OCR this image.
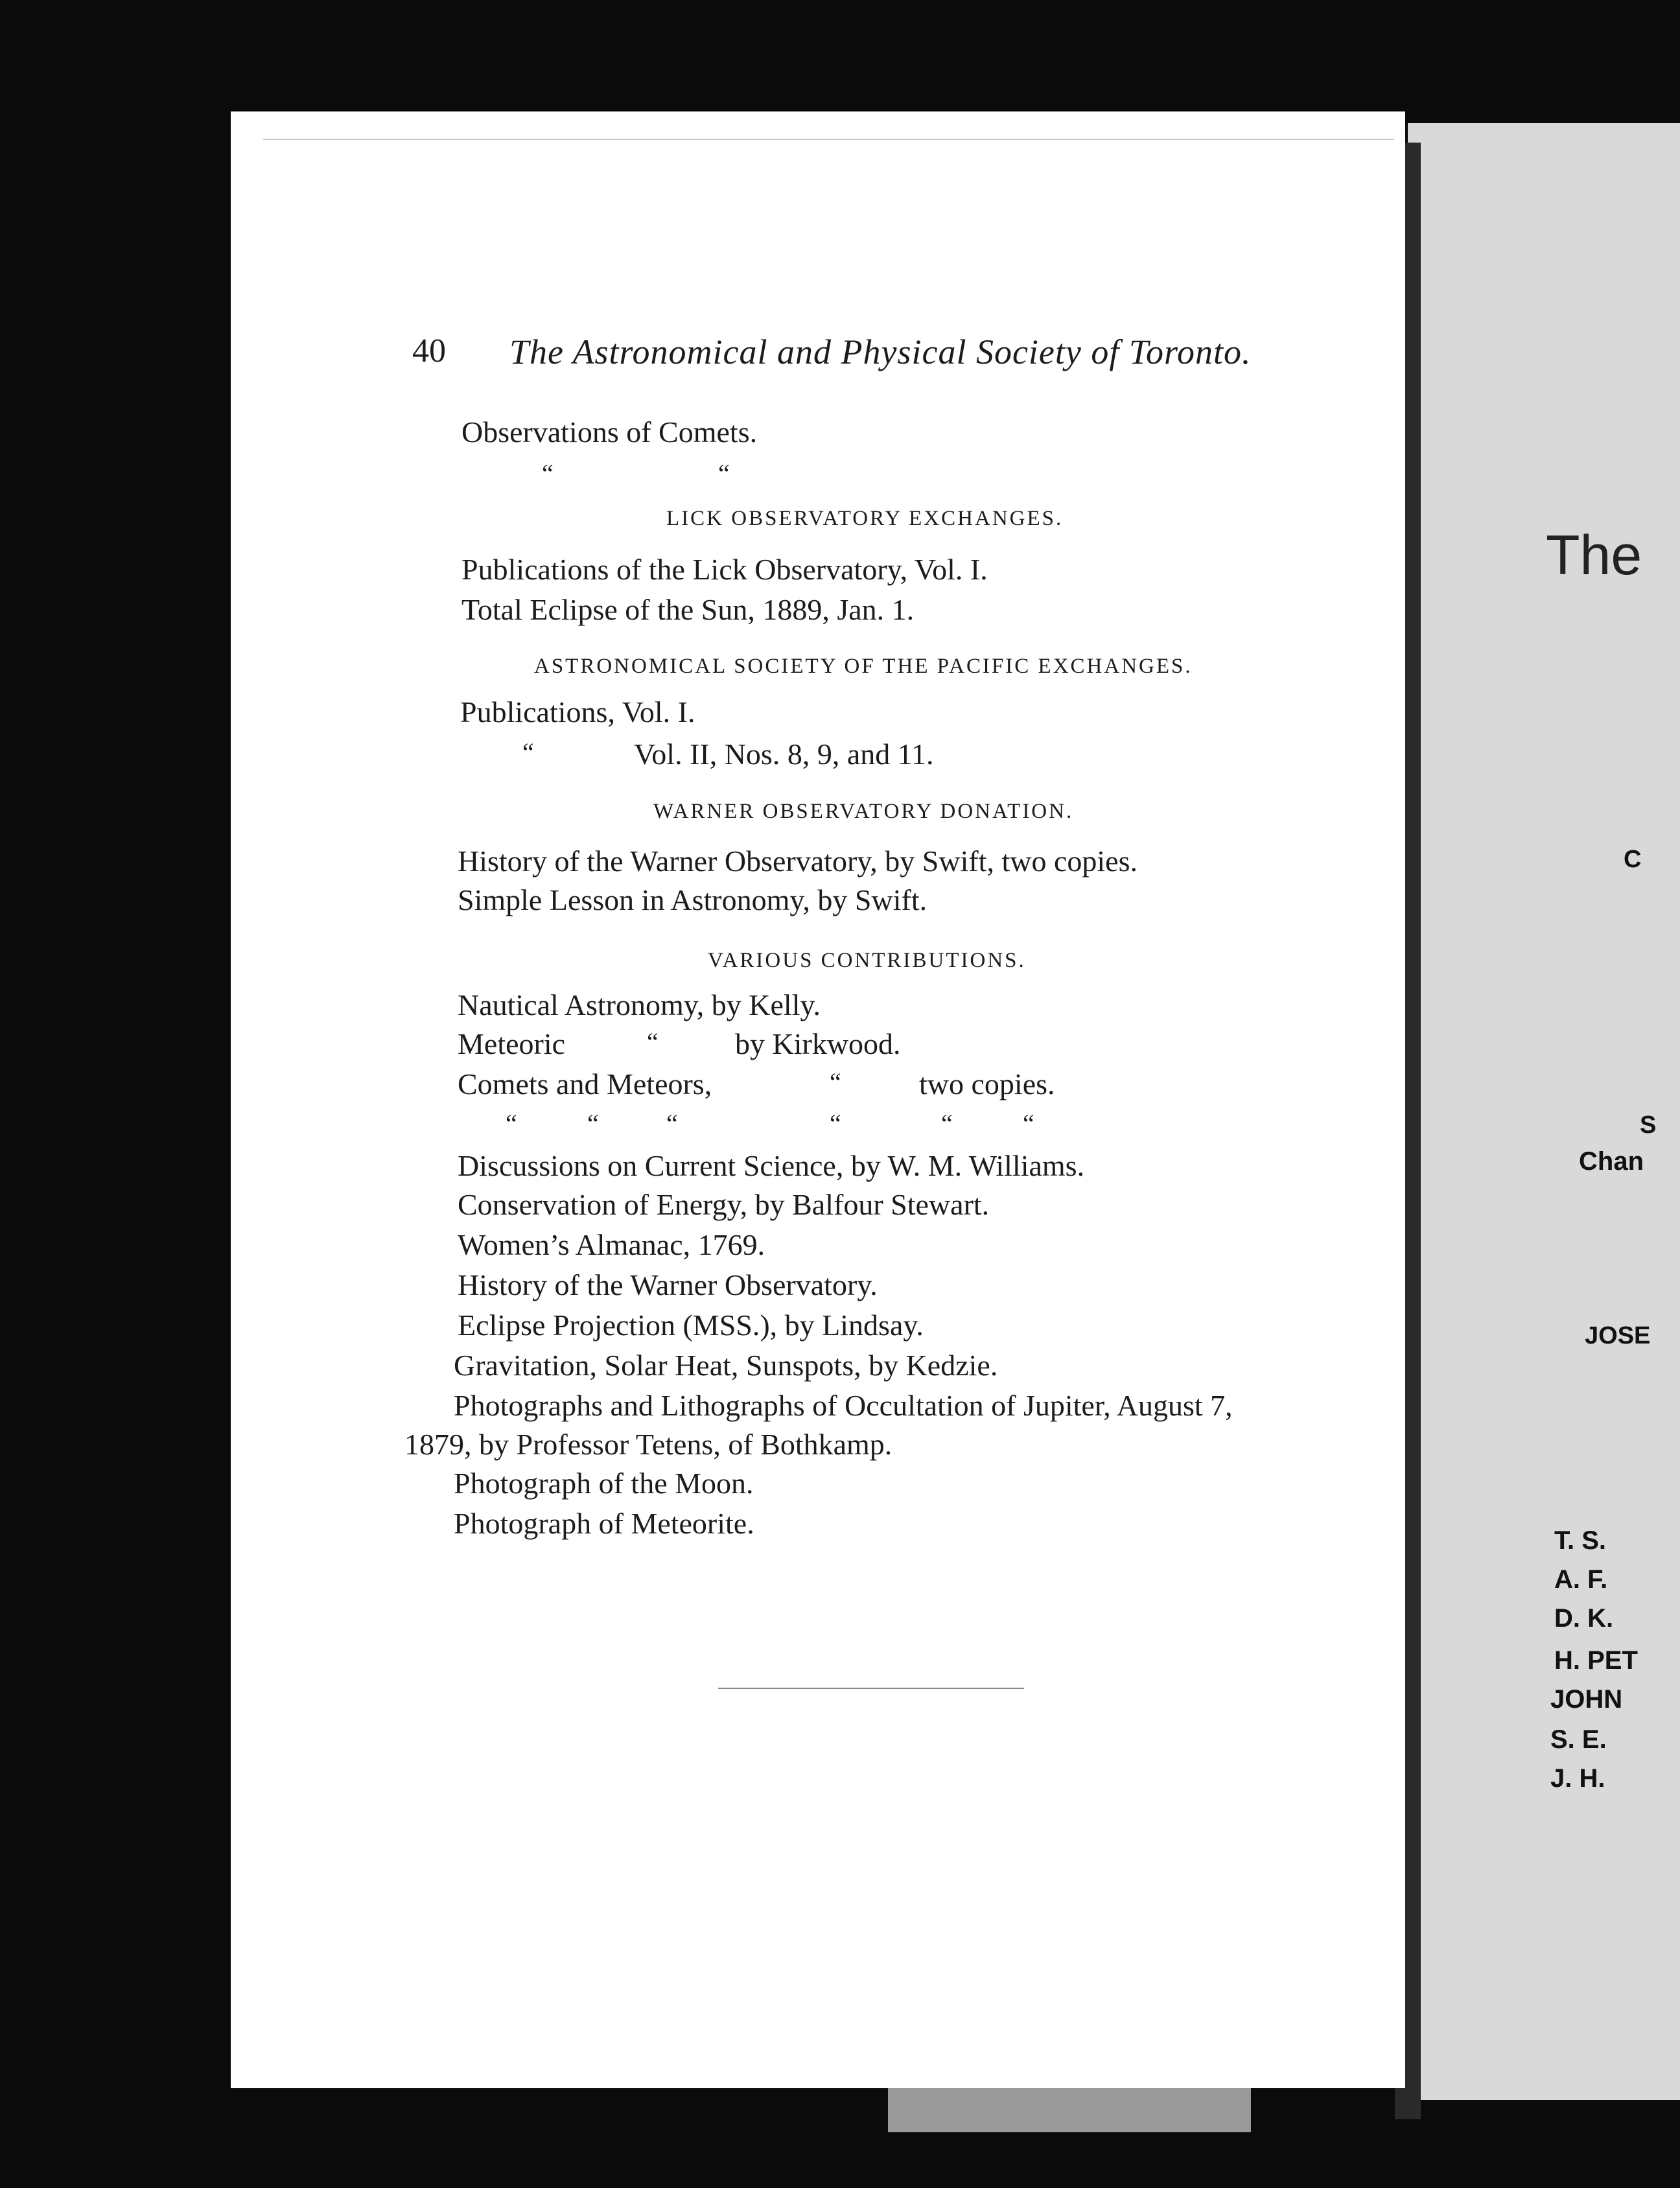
40 The Astronomical and Physical Society of Toronto.
Observations of Comets.
“	“
LICK OBSERVATORY EXCHANGES.
Publications of the Lick Observatory, Vol. I.
Total Eclipse of the Sun, 1889, Jan. 1.
ASTRONOMICAL SOCIETY OF THE PACIFIC EXCHANGES.
Publications, Vol. I.
“	Vol. II, Nos. 8, 9, and 11.
WARNER OBSERVATORY DONATION.
History of the Warner Observatory, by Swift, two copies.
Simple Lesson in Astronomy, by Swift.
VARIOUS CONTRIBUTIONS.
Nautical Astronomy, by Kelly.
Meteoric	“	by Kirkwood.
Comets and Meteors,	“	two copies.
“	“	“	“	“	“
Discussions on Current Science, by W. M. Williams.
Conservation of Energy, by Balfour Stewart.
Women’s Almanac, 1769.
History of the Warner Observatory.
Eclipse Projection (MSS.), by Lindsay.
Gravitation, Solar Heat, Sunspots, by Kedzie.
Photographs and Lithographs of Occultation of Jupiter, August 7,
1879, by Professor Tetens, of Bothkamp.
Photograph of the Moon.
Photograph of Meteorite.
The
C
S
Chan
JOSE
T. S.
A. F.
D. K.
H. PET
JOHN
S. E.
J. H.
